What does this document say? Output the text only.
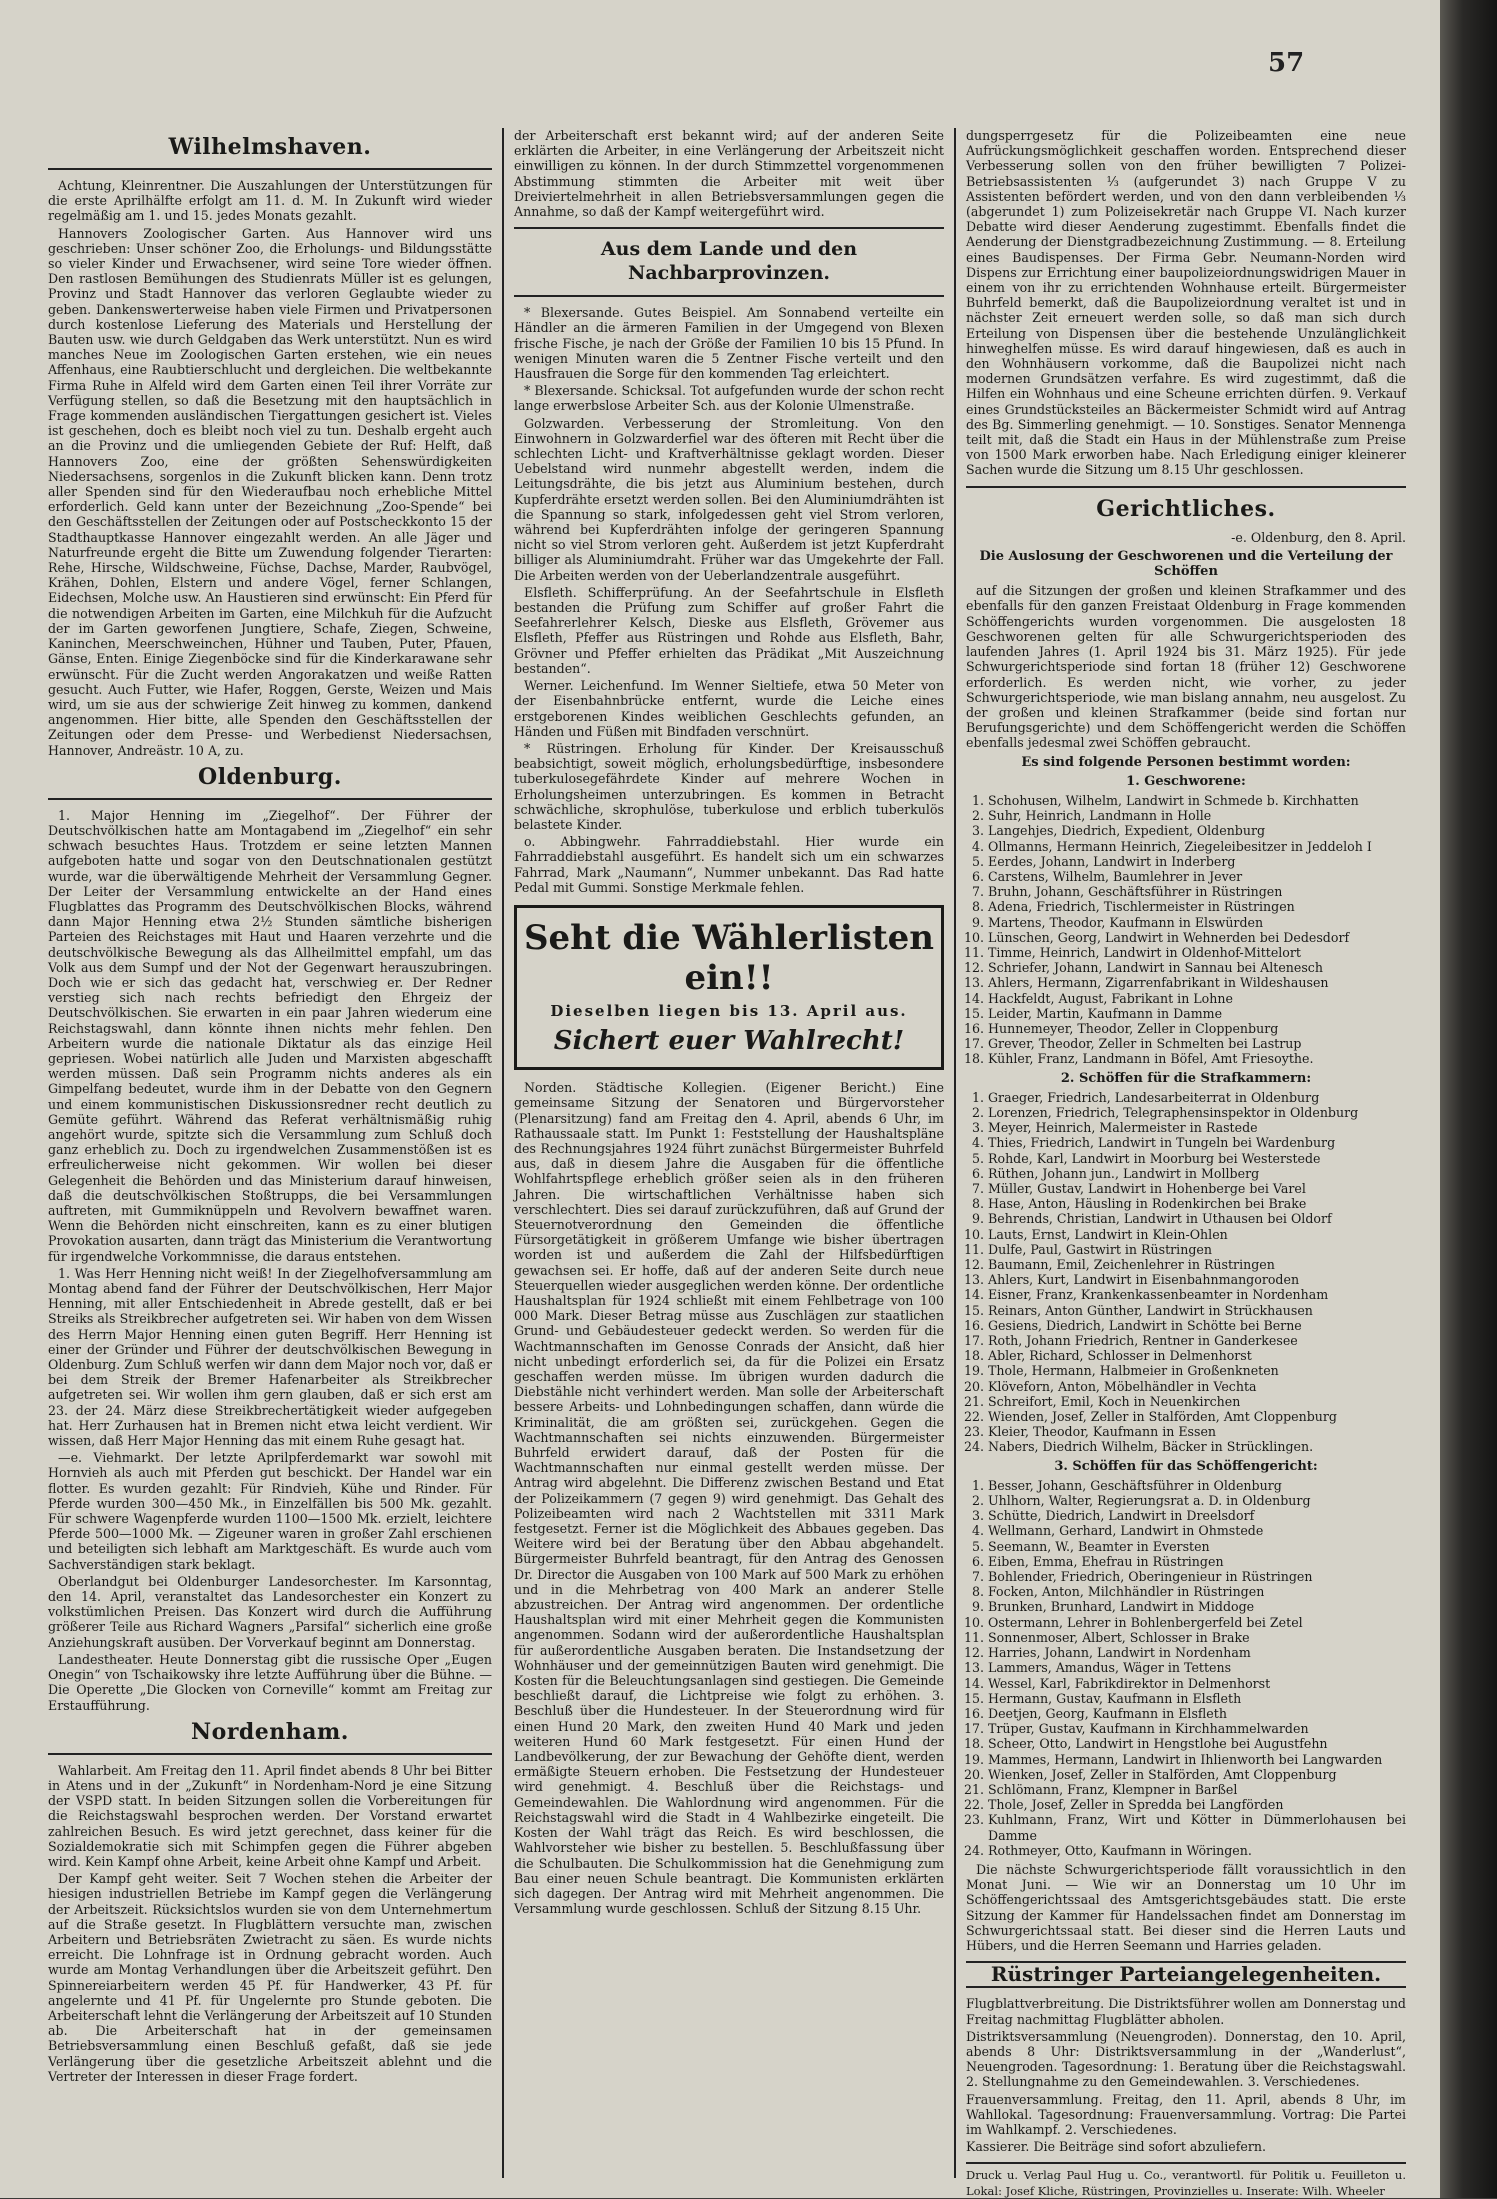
57
Wilhelmshaven.

Achtung, Kleinrentner. Die Auszahlungen der Unterstützungen für die erste Aprilhälfte erfolgt am 11. d. M. In Zukunft wird wieder regelmäßig am 1. und 15. jedes Monats gezahlt.

Hannovers Zoologischer Garten. Aus Hannover wird uns geschrieben: Unser schöner Zoo, die Erholungs- und Bildungsstätte so vieler Kinder und Erwachsener, wird seine Tore wieder öffnen. Den rastlosen Bemühungen des Studienrats Müller ist es gelungen, Provinz und Stadt Hannover das verloren Geglaubte wieder zu geben. Dankenswerterweise haben viele Firmen und Privatpersonen durch kostenlose Lieferung des Materials und Herstellung der Bauten usw. wie durch Geldgaben das Werk unterstützt. Nun es wird manches Neue im Zoologischen Garten erstehen, wie ein neues Affenhaus, eine Raubtierschlucht und dergleichen. Die weltbekannte Firma Ruhe in Alfeld wird dem Garten einen Teil ihrer Vorräte zur Verfügung stellen, so daß die Besetzung mit den hauptsächlich in Frage kommenden ausländischen Tiergattungen gesichert ist. Vieles ist geschehen, doch es bleibt noch viel zu tun. Deshalb ergeht auch an die Provinz und die umliegenden Gebiete der Ruf: Helft, daß Hannovers Zoo, eine der größten Sehenswürdigkeiten Niedersachsens, sorgenlos in die Zukunft blicken kann. Denn trotz aller Spenden sind für den Wiederaufbau noch erhebliche Mittel erforderlich. Geld kann unter der Bezeichnung „Zoo-Spende“ bei den Geschäftsstellen der Zeitungen oder auf Postscheckkonto 15 der Stadthauptkasse Hannover eingezahlt werden. An alle Jäger und Naturfreunde ergeht die Bitte um Zuwendung folgender Tierarten: Rehe, Hirsche, Wildschweine, Füchse, Dachse, Marder, Raubvögel, Krähen, Dohlen, Elstern und andere Vögel, ferner Schlangen, Eidechsen, Molche usw. An Haustieren sind erwünscht: Ein Pferd für die notwendigen Arbeiten im Garten, eine Milchkuh für die Aufzucht der im Garten geworfenen Jungtiere, Schafe, Ziegen, Schweine, Kaninchen, Meerschweinchen, Hühner und Tauben, Puter, Pfauen, Gänse, Enten. Einige Ziegenböcke sind für die Kinderkarawane sehr erwünscht. Für die Zucht werden Angorakatzen und weiße Ratten gesucht. Auch Futter, wie Hafer, Roggen, Gerste, Weizen und Mais wird, um sie aus der schwierige Zeit hinweg zu kommen, dankend angenommen. Hier bitte, alle Spenden den Geschäftsstellen der Zeitungen oder dem Presse- und Werbedienst Niedersachsen, Hannover, Andreästr. 10 A, zu.

Oldenburg.

1. Major Henning im „Ziegelhof“. Der Führer der Deutschvölkischen hatte am Montagabend im „Ziegelhof“ ein sehr schwach besuchtes Haus. Trotzdem er seine letzten Mannen aufgeboten hatte und sogar von den Deutschnationalen gestützt wurde, war die überwältigende Mehrheit der Versammlung Gegner. Der Leiter der Versammlung entwickelte an der Hand eines Flugblattes das Programm des Deutschvölkischen Blocks, während dann Major Henning etwa 2½ Stunden sämtliche bisherigen Parteien des Reichstages mit Haut und Haaren verzehrte und die deutschvölkische Bewegung als das Allheilmittel empfahl, um das Volk aus dem Sumpf und der Not der Gegenwart herauszubringen. Doch wie er sich das gedacht hat, verschwieg er. Der Redner verstieg sich nach rechts befriedigt den Ehrgeiz der Deutschvölkischen. Sie erwarten in ein paar Jahren wiederum eine Reichstagswahl, dann könnte ihnen nichts mehr fehlen. Den Arbeitern wurde die nationale Diktatur als das einzige Heil gepriesen. Wobei natürlich alle Juden und Marxisten abgeschafft werden müssen. Daß sein Programm nichts anderes als ein Gimpelfang bedeutet, wurde ihm in der Debatte von den Gegnern und einem kommunistischen Diskussionsredner recht deutlich zu Gemüte geführt. Während das Referat verhältnismäßig ruhig angehört wurde, spitzte sich die Versammlung zum Schluß doch ganz erheblich zu. Doch zu irgendwelchen Zusammenstößen ist es erfreulicherweise nicht gekommen. Wir wollen bei dieser Gelegenheit die Behörden und das Ministerium darauf hinweisen, daß die deutschvölkischen Stoßtrupps, die bei Versammlungen auftreten, mit Gummiknüppeln und Revolvern bewaffnet waren. Wenn die Behörden nicht einschreiten, kann es zu einer blutigen Provokation ausarten, dann trägt das Ministerium die Verantwortung für irgendwelche Vorkommnisse, die daraus entstehen.

1. Was Herr Henning nicht weiß! In der Ziegelhofversammlung am Montag abend fand der Führer der Deutschvölkischen, Herr Major Henning, mit aller Entschiedenheit in Abrede gestellt, daß er bei Streiks als Streikbrecher aufgetreten sei. Wir haben von dem Wissen des Herrn Major Henning einen guten Begriff. Herr Henning ist einer der Gründer und Führer der deutschvölkischen Bewegung in Oldenburg. Zum Schluß werfen wir dann dem Major noch vor, daß er bei dem Streik der Bremer Hafenarbeiter als Streikbrecher aufgetreten sei. Wir wollen ihm gern glauben, daß er sich erst am 23. der 24. März diese Streikbrechertätigkeit wieder aufgegeben hat. Herr Zurhausen hat in Bremen nicht etwa leicht verdient. Wir wissen, daß Herr Major Henning das mit einem Ruhe gesagt hat.

—e. Viehmarkt. Der letzte Aprilpferdemarkt war sowohl mit Hornvieh als auch mit Pferden gut beschickt. Der Handel war ein flotter. Es wurden gezahlt: Für Rindvieh, Kühe und Rinder. Für Pferde wurden 300—450 Mk., in Einzelfällen bis 500 Mk. gezahlt. Für schwere Wagenpferde wurden 1100—1500 Mk. erzielt, leichtere Pferde 500—1000 Mk. — Zigeuner waren in großer Zahl erschienen und beteiligten sich lebhaft am Marktgeschäft. Es wurde auch vom Sachverständigen stark beklagt.

Oberlandgut bei Oldenburger Landesorchester. Im Karsonntag, den 14. April, veranstaltet das Landesorchester ein Konzert zu volkstümlichen Preisen. Das Konzert wird durch die Aufführung größerer Teile aus Richard Wagners „Parsifal“ sicherlich eine große Anziehungskraft ausüben. Der Vorverkauf beginnt am Donnerstag.

Landestheater. Heute Donnerstag gibt die russische Oper „Eugen Onegin“ von Tschaikowsky ihre letzte Aufführung über die Bühne. — Die Operette „Die Glocken von Corneville“ kommt am Freitag zur Erstaufführung.

Nordenham.

Wahlarbeit. Am Freitag den 11. April findet abends 8 Uhr bei Bitter in Atens und in der „Zukunft“ in Nordenham-Nord je eine Sitzung der VSPD statt. In beiden Sitzungen sollen die Vorbereitungen für die Reichstagswahl besprochen werden. Der Vorstand erwartet zahlreichen Besuch. Es wird jetzt gerechnet, dass keiner für die Sozialdemokratie sich mit Schimpfen gegen die Führer abgeben wird. Kein Kampf ohne Arbeit, keine Arbeit ohne Kampf und Arbeit.

Der Kampf geht weiter. Seit 7 Wochen stehen die Arbeiter der hiesigen industriellen Betriebe im Kampf gegen die Verlängerung der Arbeitszeit. Rücksichtslos wurden sie von dem Unternehmertum auf die Straße gesetzt. In Flugblättern versuchte man, zwischen Arbeitern und Betriebsräten Zwietracht zu säen. Es wurde nichts erreicht. Die Lohnfrage ist in Ordnung gebracht worden. Auch wurde am Montag Verhandlungen über die Arbeitszeit geführt. Den Spinnereiarbeitern werden 45 Pf. für Handwerker, 43 Pf. für angelernte und 41 Pf. für Ungelernte pro Stunde geboten. Die Arbeiterschaft lehnt die Verlängerung der Arbeitszeit auf 10 Stunden ab. Die Arbeiterschaft hat in der gemeinsamen Betriebsversammlung einen Beschluß gefaßt, daß sie jede Verlängerung über die gesetzliche Arbeitszeit ablehnt und die Vertreter der Interessen in dieser Frage fordert.

der Arbeiterschaft erst bekannt wird; auf der anderen Seite erklärten die Arbeiter, in eine Verlängerung der Arbeitszeit nicht einwilligen zu können. In der durch Stimmzettel vorgenommenen Abstimmung stimmten die Arbeiter mit weit über Dreiviertelmehrheit in allen Betriebsversammlungen gegen die Annahme, so daß der Kampf weitergeführt wird.

Aus dem Lande und den Nachbarprovinzen.

* Blexersande. Gutes Beispiel. Am Sonnabend verteilte ein Händler an die ärmeren Familien in der Umgegend von Blexen frische Fische, je nach der Größe der Familien 10 bis 15 Pfund. In wenigen Minuten waren die 5 Zentner Fische verteilt und den Hausfrauen die Sorge für den kommenden Tag erleichtert.

* Blexersande. Schicksal. Tot aufgefunden wurde der schon recht lange erwerbslose Arbeiter Sch. aus der Kolonie Ulmenstraße.

Golzwarden. Verbesserung der Stromleitung. Von den Einwohnern in Golzwarderfiel war des öfteren mit Recht über die schlechten Licht- und Kraftverhältnisse geklagt worden. Dieser Uebelstand wird nunmehr abgestellt werden, indem die Leitungsdrähte, die bis jetzt aus Aluminium bestehen, durch Kupferdrähte ersetzt werden sollen. Bei den Aluminiumdrähten ist die Spannung so stark, infolgedessen geht viel Strom verloren, während bei Kupferdrähten infolge der geringeren Spannung nicht so viel Strom verloren geht. Außerdem ist jetzt Kupferdraht billiger als Aluminiumdraht. Früher war das Umgekehrte der Fall. Die Arbeiten werden von der Ueberlandzentrale ausgeführt.

Elsfleth. Schifferprüfung. An der Seefahrtschule in Elsfleth bestanden die Prüfung zum Schiffer auf großer Fahrt die Seefahrerlehrer Kelsch, Dieske aus Elsfleth, Grövemer aus Elsfleth, Pfeffer aus Rüstringen und Rohde aus Elsfleth, Bahr, Grövner und Pfeffer erhielten das Prädikat „Mit Auszeichnung bestanden“.

Werner. Leichenfund. Im Wenner Sieltiefe, etwa 50 Meter von der Eisenbahnbrücke entfernt, wurde die Leiche eines erstgeborenen Kindes weiblichen Geschlechts gefunden, an Händen und Füßen mit Bindfaden verschnürt.

* Rüstringen. Erholung für Kinder. Der Kreisausschuß beabsichtigt, soweit möglich, erholungsbedürftige, insbesondere tuberkulosegefährdete Kinder auf mehrere Wochen in Erholungsheimen unterzubringen. Es kommen in Betracht schwächliche, skrophulöse, tuberkulose und erblich tuberkulös belastete Kinder.

o. Abbingwehr. Fahrraddiebstahl. Hier wurde ein Fahrraddiebstahl ausgeführt. Es handelt sich um ein schwarzes Fahrrad, Mark „Naumann“, Nummer unbekannt. Das Rad hatte Pedal mit Gummi. Sonstige Merkmale fehlen.

Seht die Wählerlisten ein!!
Dieselben liegen bis 13. April aus.
Sichert euer Wahlrecht!

Norden. Städtische Kollegien. (Eigener Bericht.) Eine gemeinsame Sitzung der Senatoren und Bürgervorsteher (Plenarsitzung) fand am Freitag den 4. April, abends 6 Uhr, im Rathaussaale statt. Im Punkt 1: Feststellung der Haushaltspläne des Rechnungsjahres 1924 führt zunächst Bürgermeister Buhrfeld aus, daß in diesem Jahre die Ausgaben für die öffentliche Wohlfahrtspflege erheblich größer seien als in den früheren Jahren. Die wirtschaftlichen Verhältnisse haben sich verschlechtert. Dies sei darauf zurückzuführen, daß auf Grund der Steuernotverordnung den Gemeinden die öffentliche Fürsorgetätigkeit in größerem Umfange wie bisher übertragen worden ist und außerdem die Zahl der Hilfsbedürftigen gewachsen sei. Er hoffe, daß auf der anderen Seite durch neue Steuerquellen wieder ausgeglichen werden könne. Der ordentliche Haushaltsplan für 1924 schließt mit einem Fehlbetrage von 100 000 Mark. Dieser Betrag müsse aus Zuschlägen zur staatlichen Grund- und Gebäudesteuer gedeckt werden. So werden für die Wachtmannschaften im Genosse Conrads der Ansicht, daß hier nicht unbedingt erforderlich sei, da für die Polizei ein Ersatz geschaffen werden müsse. Im übrigen wurden dadurch die Diebstähle nicht verhindert werden. Man solle der Arbeiterschaft bessere Arbeits- und Lohnbedingungen schaffen, dann würde die Kriminalität, die am größten sei, zurückgehen. Gegen die Wachtmannschaften sei nichts einzuwenden. Bürgermeister Buhrfeld erwidert darauf, daß der Posten für die Wachtmannschaften nur einmal gestellt werden müsse. Der Antrag wird abgelehnt. Die Differenz zwischen Bestand und Etat der Polizeikammern (7 gegen 9) wird genehmigt. Das Gehalt des Polizeibeamten wird nach 2 Wachtstellen mit 3311 Mark festgesetzt. Ferner ist die Möglichkeit des Abbaues gegeben. Das Weitere wird bei der Beratung über den Abbau abgehandelt. Bürgermeister Buhrfeld beantragt, für den Antrag des Genossen Dr. Director die Ausgaben von 100 Mark auf 500 Mark zu erhöhen und in die Mehrbetrag von 400 Mark an anderer Stelle abzustreichen. Der Antrag wird angenommen. Der ordentliche Haushaltsplan wird mit einer Mehrheit gegen die Kommunisten angenommen. Sodann wird der außerordentliche Haushaltsplan für außerordentliche Ausgaben beraten. Die Instandsetzung der Wohnhäuser und der gemeinnützigen Bauten wird genehmigt. Die Kosten für die Beleuchtungsanlagen sind gestiegen. Die Gemeinde beschließt darauf, die Lichtpreise wie folgt zu erhöhen. 3. Beschluß über die Hundesteuer. In der Steuerordnung wird für einen Hund 20 Mark, den zweiten Hund 40 Mark und jeden weiteren Hund 60 Mark festgesetzt. Für einen Hund der Landbevölkerung, der zur Bewachung der Gehöfte dient, werden ermäßigte Steuern erhoben. Die Festsetzung der Hundesteuer wird genehmigt. 4. Beschluß über die Reichstags- und Gemeindewahlen. Die Wahlordnung wird angenommen. Für die Reichstagswahl wird die Stadt in 4 Wahlbezirke eingeteilt. Die Kosten der Wahl trägt das Reich. Es wird beschlossen, die Wahlvorsteher wie bisher zu bestellen. 5. Beschlußfassung über die Schulbauten. Die Schulkommission hat die Genehmigung zum Bau einer neuen Schule beantragt. Die Kommunisten erklärten sich dagegen. Der Antrag wird mit Mehrheit angenommen. Die Versammlung wurde geschlossen. Schluß der Sitzung 8.15 Uhr.

dungsperrgesetz für die Polizeibeamten eine neue Aufrückungsmöglichkeit geschaffen worden. Entsprechend dieser Verbesserung sollen von den früher bewilligten 7 Polizei-Betriebsassistenten ⅓ (aufgerundet 3) nach Gruppe V zu Assistenten befördert werden, und von den dann verbleibenden ⅓ (abgerundet 1) zum Polizeisekretär nach Gruppe VI. Nach kurzer Debatte wird dieser Aenderung zugestimmt. Ebenfalls findet die Aenderung der Dienstgradbezeichnung Zustimmung. — 8. Erteilung eines Baudispenses. Der Firma Gebr. Neumann-Norden wird Dispens zur Errichtung einer baupolizeiordnungswidrigen Mauer in einem von ihr zu errichtenden Wohnhause erteilt. Bürgermeister Buhrfeld bemerkt, daß die Baupolizeiordnung veraltet ist und in nächster Zeit erneuert werden solle, so daß man sich durch Erteilung von Dispensen über die bestehende Unzulänglichkeit hinweghelfen müsse. Es wird darauf hingewiesen, daß es auch in den Wohnhäusern vorkomme, daß die Baupolizei nicht nach modernen Grundsätzen verfahre. Es wird zugestimmt, daß die Hilfen ein Wohnhaus und eine Scheune errichten dürfen. 9. Verkauf eines Grundstücksteiles an Bäckermeister Schmidt wird auf Antrag des Bg. Simmerling genehmigt. — 10. Sonstiges. Senator Mennenga teilt mit, daß die Stadt ein Haus in der Mühlenstraße zum Preise von 1500 Mark erworben habe. Nach Erledigung einiger kleinerer Sachen wurde die Sitzung um 8.15 Uhr geschlossen.

Gerichtliches.

-e. Oldenburg, den 8. April.

Die Auslosung der Geschworenen und die Verteilung der Schöffen

auf die Sitzungen der großen und kleinen Strafkammer und des ebenfalls für den ganzen Freistaat Oldenburg in Frage kommenden Schöffengerichts wurden vorgenommen. Die ausgelosten 18 Geschworenen gelten für alle Schwurgerichtsperioden des laufenden Jahres (1. April 1924 bis 31. März 1925). Für jede Schwurgerichtsperiode sind fortan 18 (früher 12) Geschworene erforderlich. Es werden nicht, wie vorher, zu jeder Schwurgerichtsperiode, wie man bislang annahm, neu ausgelost. Zu der großen und kleinen Strafkammer (beide sind fortan nur Berufungsgerichte) und dem Schöffengericht werden die Schöffen ebenfalls jedesmal zwei Schöffen gebraucht.

Es sind folgende Personen bestimmt worden:
1. Geschworene:
1. Schohusen, Wilhelm, Landwirt in Schmede b. Kirchhatten
2. Suhr, Heinrich, Landmann in Holle
3. Langehjes, Diedrich, Expedient, Oldenburg
4. Ollmanns, Hermann Heinrich, Ziegeleibesitzer in Jeddeloh I
5. Eerdes, Johann, Landwirt in Inderberg
6. Carstens, Wilhelm, Baumlehrer in Jever
7. Bruhn, Johann, Geschäftsführer in Rüstringen
8. Adena, Friedrich, Tischlermeister in Rüstringen
9. Martens, Theodor, Kaufmann in Elswürden
10. Lünschen, Georg, Landwirt in Wehnerden bei Dedesdorf
11. Timme, Heinrich, Landwirt in Oldenhof-Mittelort
12. Schriefer, Johann, Landwirt in Sannau bei Altenesch
13. Ahlers, Hermann, Zigarrenfabrikant in Wildeshausen
14. Hackfeldt, August, Fabrikant in Lohne
15. Leider, Martin, Kaufmann in Damme
16. Hunnemeyer, Theodor, Zeller in Cloppenburg
17. Grever, Theodor, Zeller in Schmelten bei Lastrup
18. Kühler, Franz, Landmann in Böfel, Amt Friesoythe.
2. Schöffen für die Strafkammern:
1. Graeger, Friedrich, Landesarbeiterrat in Oldenburg
2. Lorenzen, Friedrich, Telegraphensinspektor in Oldenburg
3. Meyer, Heinrich, Malermeister in Rastede
4. Thies, Friedrich, Landwirt in Tungeln bei Wardenburg
5. Rohde, Karl, Landwirt in Moorburg bei Westerstede
6. Rüthen, Johann jun., Landwirt in Mollberg
7. Müller, Gustav, Landwirt in Hohenberge bei Varel
8. Hase, Anton, Häusling in Rodenkirchen bei Brake
9. Behrends, Christian, Landwirt in Uthausen bei Oldorf
10. Lauts, Ernst, Landwirt in Klein-Ohlen
11. Dulfe, Paul, Gastwirt in Rüstringen
12. Baumann, Emil, Zeichenlehrer in Rüstringen
13. Ahlers, Kurt, Landwirt in Eisenbahnmangoroden
14. Eisner, Franz, Krankenkassenbeamter in Nordenham
15. Reinars, Anton Günther, Landwirt in Strückhausen
16. Gesiens, Diedrich, Landwirt in Schötte bei Berne
17. Roth, Johann Friedrich, Rentner in Ganderkesee
18. Abler, Richard, Schlosser in Delmenhorst
19. Thole, Hermann, Halbmeier in Großenkneten
20. Klöveforn, Anton, Möbelhändler in Vechta
21. Schreifort, Emil, Koch in Neuenkirchen
22. Wienden, Josef, Zeller in Stalförden, Amt Cloppenburg
23. Kleier, Theodor, Kaufmann in Essen
24. Nabers, Diedrich Wilhelm, Bäcker in Strücklingen.
3. Schöffen für das Schöffengericht:
1. Besser, Johann, Geschäftsführer in Oldenburg
2. Uhlhorn, Walter, Regierungsrat a. D. in Oldenburg
3. Schütte, Diedrich, Landwirt in Dreelsdorf
4. Wellmann, Gerhard, Landwirt in Ohmstede
5. Seemann, W., Beamter in Eversten
6. Eiben, Emma, Ehefrau in Rüstringen
7. Bohlender, Friedrich, Oberingenieur in Rüstringen
8. Focken, Anton, Milchhändler in Rüstringen
9. Brunken, Brunhard, Landwirt in Middoge
10. Ostermann, Lehrer in Bohlenbergerfeld bei Zetel
11. Sonnenmoser, Albert, Schlosser in Brake
12. Harries, Johann, Landwirt in Nordenham
13. Lammers, Amandus, Wäger in Tettens
14. Wessel, Karl, Fabrikdirektor in Delmenhorst
15. Hermann, Gustav, Kaufmann in Elsfleth
16. Deetjen, Georg, Kaufmann in Elsfleth
17. Trüper, Gustav, Kaufmann in Kirchhammelwarden
18. Scheer, Otto, Landwirt in Hengstlohe bei Augustfehn
19. Mammes, Hermann, Landwirt in Ihlienworth bei Langwarden
20. Wienken, Josef, Zeller in Stalförden, Amt Cloppenburg
21. Schlömann, Franz, Klempner in Barßel
22. Thole, Josef, Zeller in Spredda bei Langförden
23. Kuhlmann, Franz, Wirt und Kötter in Dümmerlohausen bei Damme
24. Rothmeyer, Otto, Kaufmann in Wöringen.

Die nächste Schwurgerichtsperiode fällt voraussichtlich in den Monat Juni. — Wie wir an Donnerstag um 10 Uhr im Schöffengerichtssaal des Amtsgerichtsgebäudes statt. Die erste Sitzung der Kammer für Handelssachen findet am Donnerstag im Schwurgerichtssaal statt. Bei dieser sind die Herren Lauts und Hübers, und die Herren Seemann und Harries geladen.

Rüstringer Parteiangelegenheiten.

Flugblattverbreitung. Die Distriktsführer wollen am Donnerstag und Freitag nachmittag Flugblätter abholen.

Distriktsversammlung (Neuengroden). Donnerstag, den 10. April, abends 8 Uhr: Distriktsversammlung in der „Wanderlust“, Neuengroden. Tagesordnung: 1. Beratung über die Reichstagswahl. 2. Stellungnahme zu den Gemeindewahlen. 3. Verschiedenes.

Frauenversammlung. Freitag, den 11. April, abends 8 Uhr, im Wahllokal. Tagesordnung: Frauenversammlung. Vortrag: Die Partei im Wahlkampf. 2. Verschiedenes.

Kassierer. Die Beiträge sind sofort abzuliefern.

Druck u. Verlag Paul Hug u. Co., verantwortl. für Politik u. Feuilleton u. Lokal: Josef Kliche, Rüstringen, Provinzielles u. Inserate: Wilh. Wheeler
